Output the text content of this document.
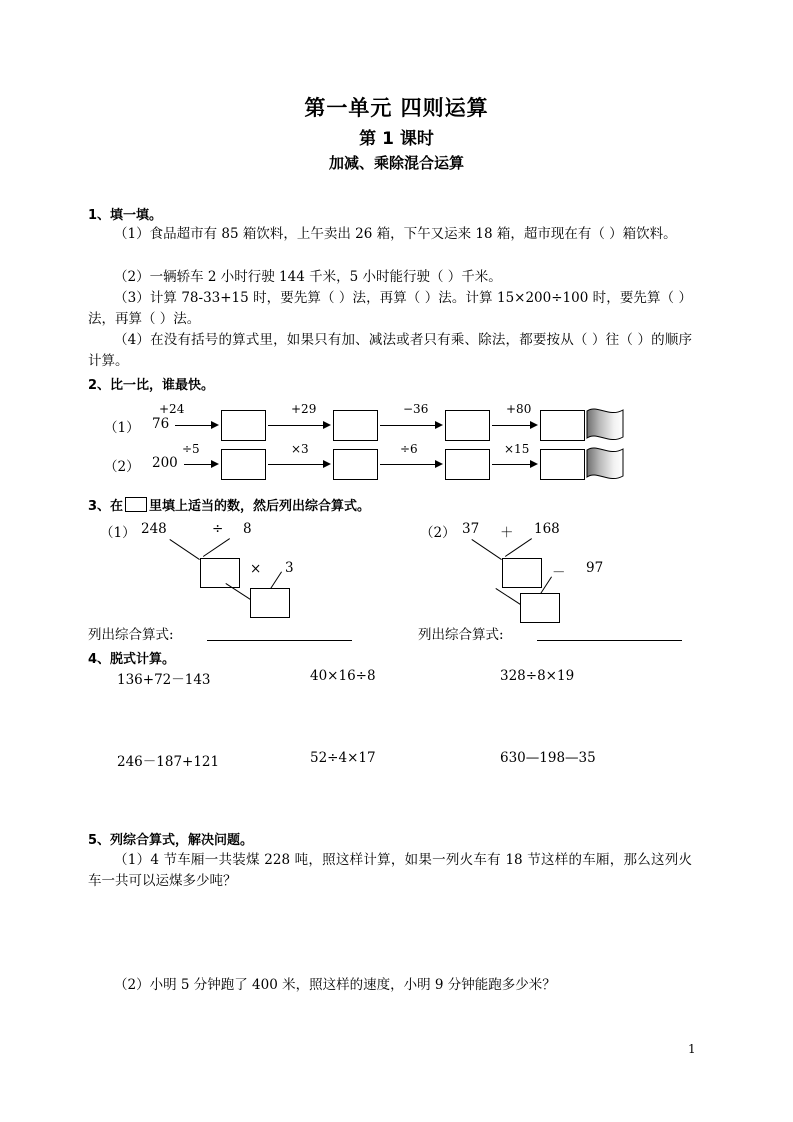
第一单元 四则运算
第 1 课时
加减、乘除混合运算
1、填一填。
（1）食品超市有 85 箱饮料，上午卖出 26 箱，下午又运来 18 箱，超市现在有（ ）箱饮料。
（2）一辆轿车 2 小时行驶 144 千米，5 小时能行驶（ ）千米。
（3）计算 78-33+15 时，要先算（ ）法，再算（ ）法。计算 15×200÷100 时，要先算（ ）法，再算（ ）法。
（4）在没有括号的算式里，如果只有加、减法或者只有乘、除法，都要按从（ ）往（ ）的顺序计算。
2、比一比，谁最快。
（1） 76
+24	+29	−36	+80
（2） 200
÷5	×3	÷6	×15
3、在 里填上适当的数，然后列出综合算式。
（1） 248	÷ 8
× 3
列出综合算式:
（2） 37 ＋ 168
－ 97
列出综合算式:
4、脱式计算。
136+72－143	40×16÷8	328÷8×19
246－187+121	52÷4×17	630—198—35
5、列综合算式，解决问题。
（1）4 节车厢一共装煤 228 吨，照这样计算，如果一列火车有 18 节这样的车厢，那么这列火车一共可以运煤多少吨？
（2）小明 5 分钟跑了 400 米，照这样的速度，小明 9 分钟能跑多少米？
1
